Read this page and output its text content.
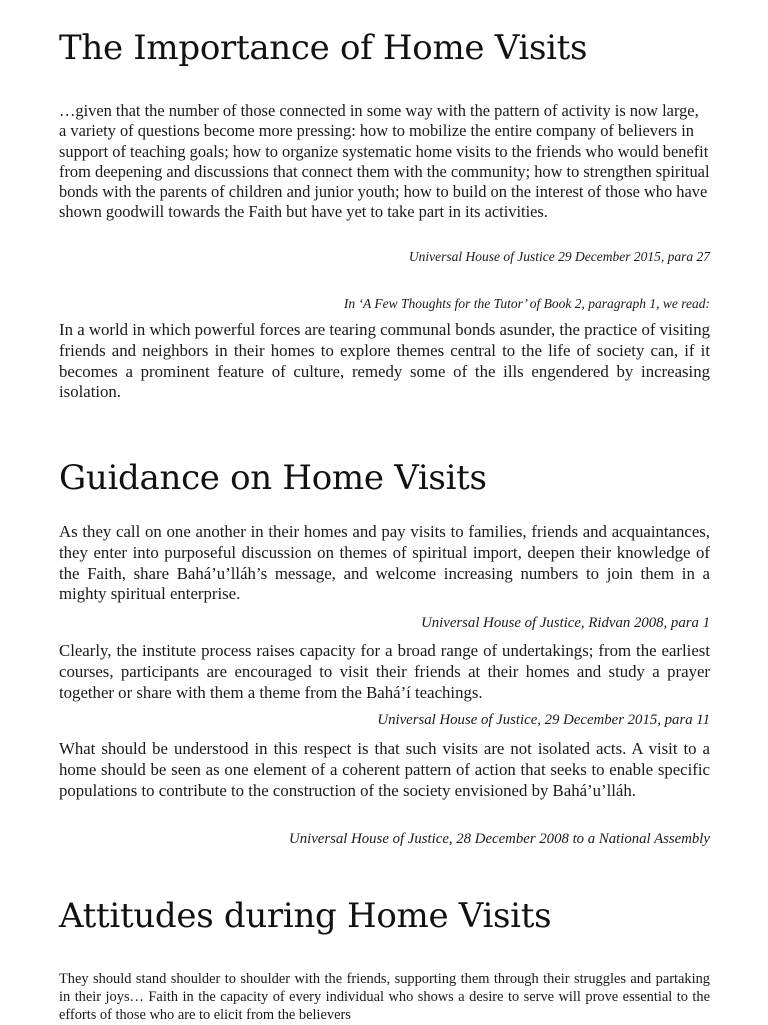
The Importance of Home Visits

…given that the number of those connected in some way with the pattern of activity is now large, a variety of questions become more pressing: how to mobilize the entire company of believers in support of teaching goals; how to organize systematic home visits to the friends who would benefit from deepening and discussions that connect them with the community; how to strengthen spiritual bonds with the parents of children and junior youth; how to build on the interest of those who have shown goodwill towards the Faith but have yet to take part in its activities.

Universal House of Justice 29 December 2015, para 27

In ‘A Few Thoughts for the Tutor’ of Book 2, paragraph 1, we read:

In a world in which powerful forces are tearing communal bonds asunder, the practice of visiting friends and neighbors in their homes to explore themes central to the life of society can, if it becomes a prominent feature of culture, remedy some of the ills engendered by increasing isolation.

Guidance on Home Visits

As they call on one another in their homes and pay visits to families, friends and acquaintances, they enter into purposeful discussion on themes of spiritual import, deepen their knowledge of the Faith, share Bahá’u’lláh’s message, and welcome increasing numbers to join them in a mighty spiritual enterprise.

Universal House of Justice, Ridvan 2008, para 1

Clearly, the institute process raises capacity for a broad range of undertakings; from the earliest courses, participants are encouraged to visit their friends at their homes and study a prayer together or share with them a theme from the Bahá’í teachings.

Universal House of Justice, 29 December 2015, para 11

What should be understood in this respect is that such visits are not isolated acts. A visit to a home should be seen as one element of a coherent pattern of action that seeks to enable specific populations to contribute to the construction of the society envisioned by Bahá’u’lláh.

Universal House of Justice, 28 December 2008 to a National Assembly

Attitudes during Home Visits

They should stand shoulder to shoulder with the friends, supporting them through their struggles and partaking in their joys… Faith in the capacity of every individual who shows a desire to serve will prove essential to the efforts of those who are to elicit from the believers
